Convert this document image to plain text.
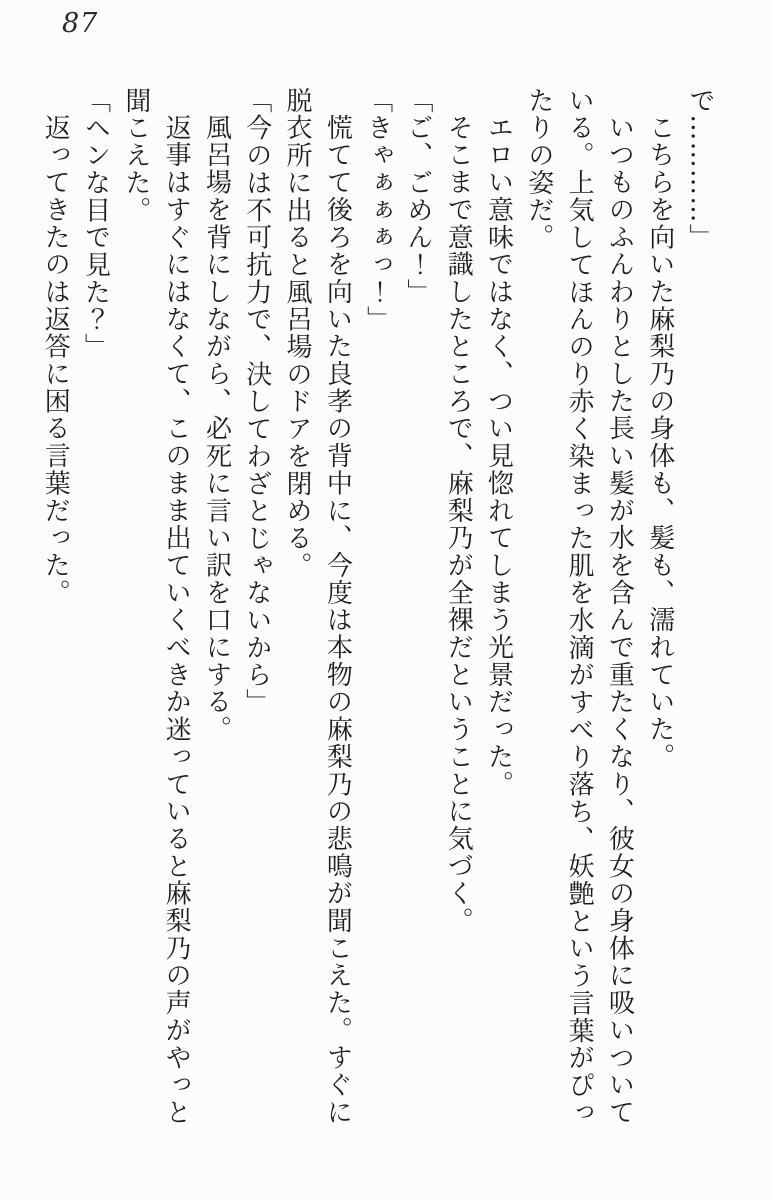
87

で…………」

こちらを向いた麻梨乃の身体も、髪も、濡れていた。

いつものふんわりとした長い髪が水を含んで重たくなり、彼女の身体に吸いついて

いる。上気してほんのり赤く染まった肌を水滴がすべり落ち、妖艶という言葉がぴっ

たりの姿だ。

エロい意味ではなく、つい見惚れてしまう光景だった。

そこまで意識したところで、麻梨乃が全裸だということに気づく。

「ご、ごめん！」

「きゃぁぁぁっ！」

慌てて後ろを向いた良孝の背中に、今度は本物の麻梨乃の悲鳴が聞こえた。すぐに

脱衣所に出ると風呂場のドアを閉める。

「今のは不可抗力で、決してわざとじゃないから」

風呂場を背にしながら、必死に言い訳を口にする。

返事はすぐにはなくて、このまま出ていくべきか迷っていると麻梨乃の声がやっと

聞こえた。

「ヘンな目で見た？」

返ってきたのは返答に困る言葉だった。
